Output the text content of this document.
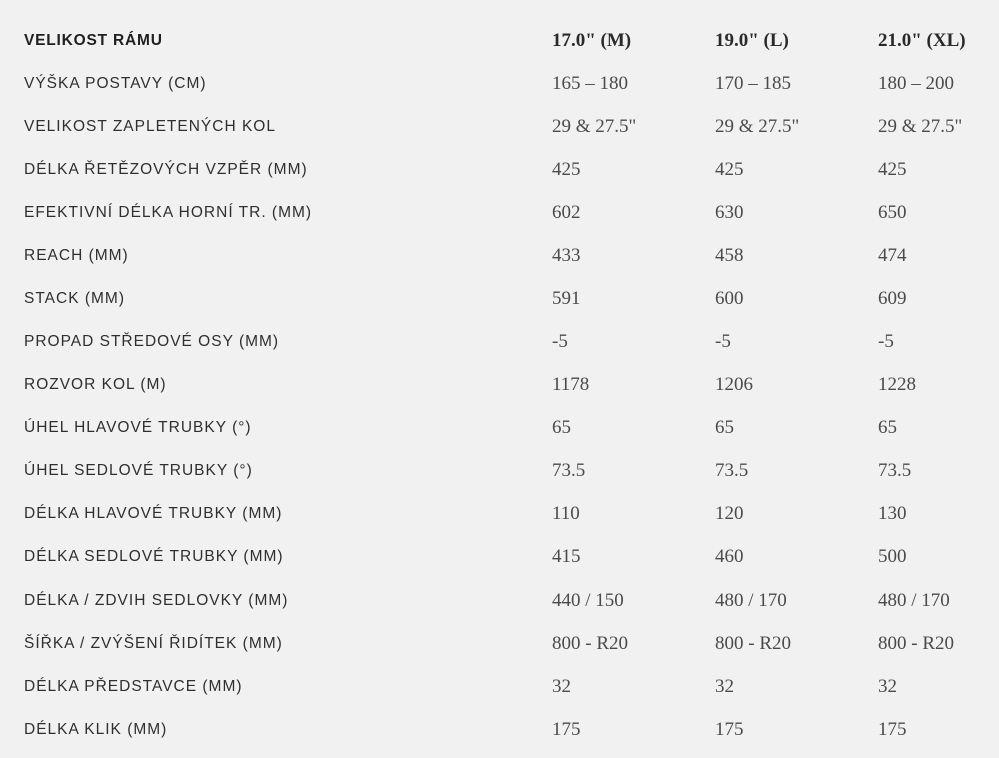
VELIKOST RÁMU	17.0" (M)	19.0" (L)	21.0" (XL)
VÝŠKA POSTAVY (CM)	165 – 180	170 – 185	180 – 200
VELIKOST ZAPLETENÝCH KOL	29 & 27.5"	29 & 27.5"	29 & 27.5"
DÉLKA ŘETĚZOVÝCH VZPĚR (MM)	425	425	425
EFEKTIVNÍ DÉLKA HORNÍ TR. (MM)	602	630	650
REACH (MM)	433	458	474
STACK (MM)	591	600	609
PROPAD STŘEDOVÉ OSY (MM)	-5	-5	-5
ROZVOR KOL (M)	1178	1206	1228
ÚHEL HLAVOVÉ TRUBKY (°)	65	65	65
ÚHEL SEDLOVÉ TRUBKY (°)	73.5	73.5	73.5
DÉLKA HLAVOVÉ TRUBKY (MM)	110	120	130
DÉLKA SEDLOVÉ TRUBKY (MM)	415	460	500
DÉLKA / ZDVIH SEDLOVKY (MM)	440 / 150	480 / 170	480 / 170
ŠÍŘKA / ZVÝŠENÍ ŘIDÍTEK (MM)	800 - R20	800 - R20	800 - R20
DÉLKA PŘEDSTAVCE (MM)	32	32	32
DÉLKA KLIK (MM)	175	175	175
